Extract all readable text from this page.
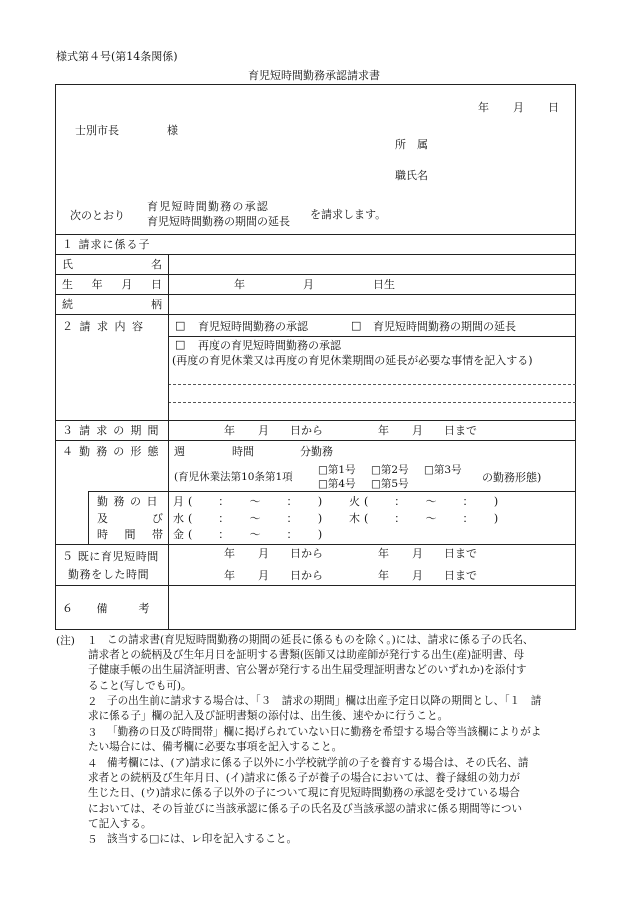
様式第４号(第14条関係)
育児短時間勤務承認請求書
年 月 日
士別市長	様
所　属
職氏名
次のとおり
育児短時間勤務の承認
育児短時間勤務の期間の延長
を請求します。
１ 請求に係る子
氏	名
生 年 月 日	年	月	日生
続	柄
２ 請 求 内 容	□ 育児短時間勤務の承認	□ 育児短時間勤務の期間の延長
□ 再度の育児短時間勤務の承認
(再度の育児休業又は再度の育児休業期間の延長が必要な事情を記入する)
３ 請 求 の 期 間	年 月 日から	年 月 日まで
４ 勤 務 の 形 態 週	時間	分勤務
(育児休業法第10条第1項
□第1号 □第2号 □第3号
□第4号 □第5号	の勤務形態)
勤 務 の 日
及	び
時 間 帯
月 (　　：　　〜　　：　　) 火 (　　：　　〜　　：　　)
水 (　　：　　〜　　：　　) 木 (　　：　　〜　　：　　)
金 (　　：　　〜　　：　　)
５ 既に育児短時間
勤務をした時間
年 月 日から	年 月 日まで
年 月 日から	年 月 日まで
６ 備　考
(注) １ この請求書(育児短時間勤務の期間の延長に係るものを除く。)には、請求に係る子の氏名、
請求者との続柄及び生年月日を証明する書類(医師又は助産師が発行する出生(産)証明書、母
子健康手帳の出生届済証明書、官公署が発行する出生届受理証明書などのいずれか)を添付す
ること(写しでも可)。
２ 子の出生前に請求する場合は、「３　請求の期間」欄は出産予定日以降の期間とし、「１　請
求に係る子」欄の記入及び証明書類の添付は、出生後、速やかに行うこと。
３ 「勤務の日及び時間帯」欄に掲げられていない日に勤務を希望する場合等当該欄によりがよ
たい場合には、備考欄に必要な事項を記入すること。
４ 備考欄には、(ア)請求に係る子以外に小学校就学前の子を養育する場合は、その氏名、請
求者との続柄及び生年月日、(イ)請求に係る子が養子の場合においては、養子縁組の効力が
生じた日、(ウ)請求に係る子以外の子について現に育児短時間勤務の承認を受けている場合
においては、その旨並びに当該承認に係る子の氏名及び当該承認の請求に係る期間等につい
て記入する。
５ 該当する□には、レ印を記入すること。
